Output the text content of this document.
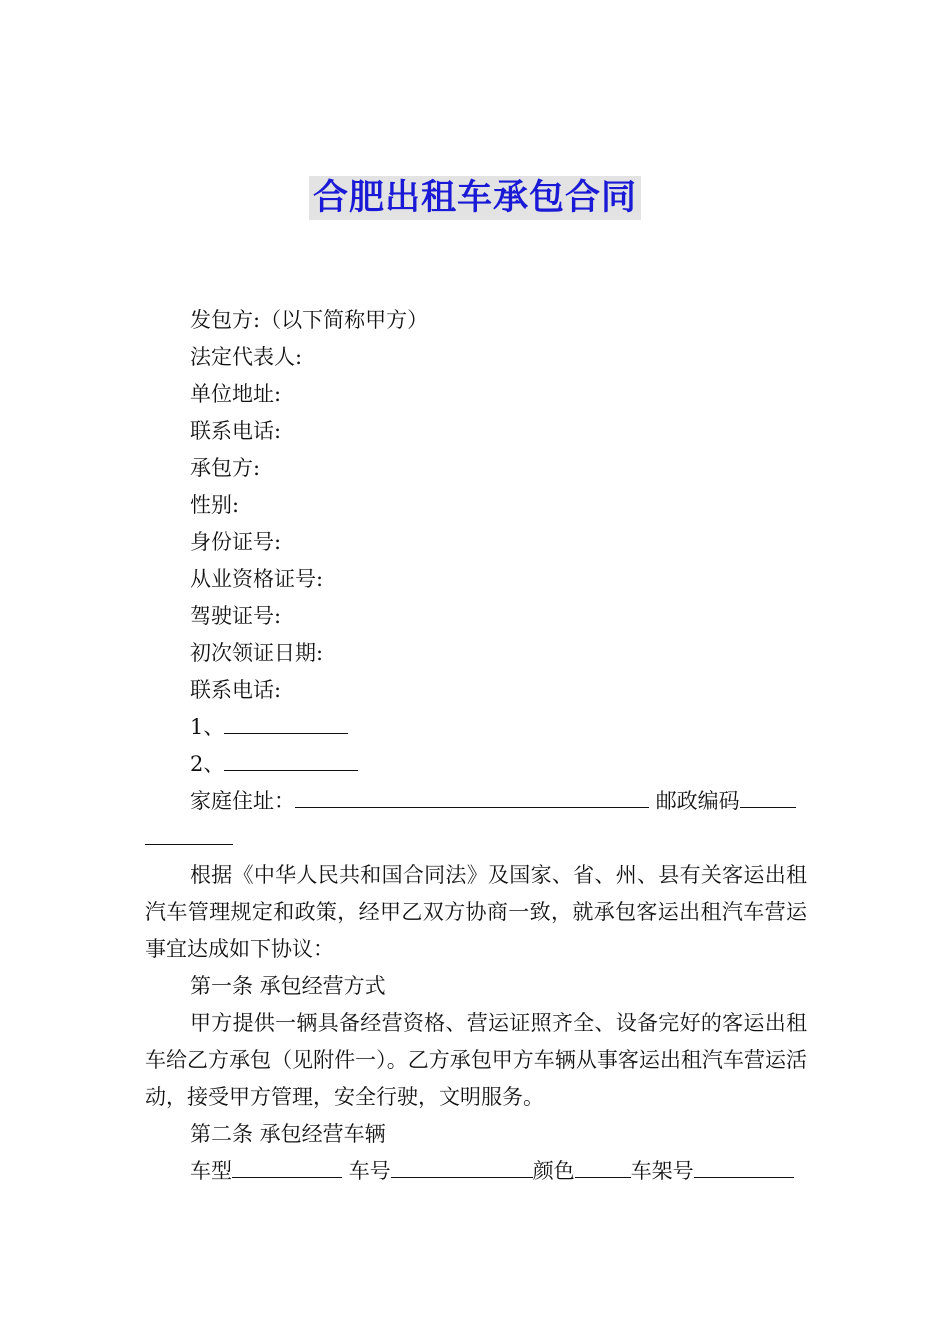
合肥出租车承包合同

发包方:（以下简称甲方）

法定代表人:

单位地址:

联系电话:

承包方:

性别:

身份证号:

从业资格证号:

驾驶证号:

初次领证日期:

联系电话:

1、

2、

家庭住址：	邮政编码

根据《中华人民共和国合同法》及国家、省、州、县有关客运出租汽车管理规定和政策，经甲乙双方协商一致，就承包客运出租汽车营运事宜达成如下协议：

第一条 承包经营方式

甲方提供一辆具备经营资格、营运证照齐全、设备完好的客运出租车给乙方承包（见附件一）。乙方承包甲方车辆从事客运出租汽车营运活动，接受甲方管理，安全行驶，文明服务。

第二条 承包经营车辆

车型	车号	颜色	车架号
